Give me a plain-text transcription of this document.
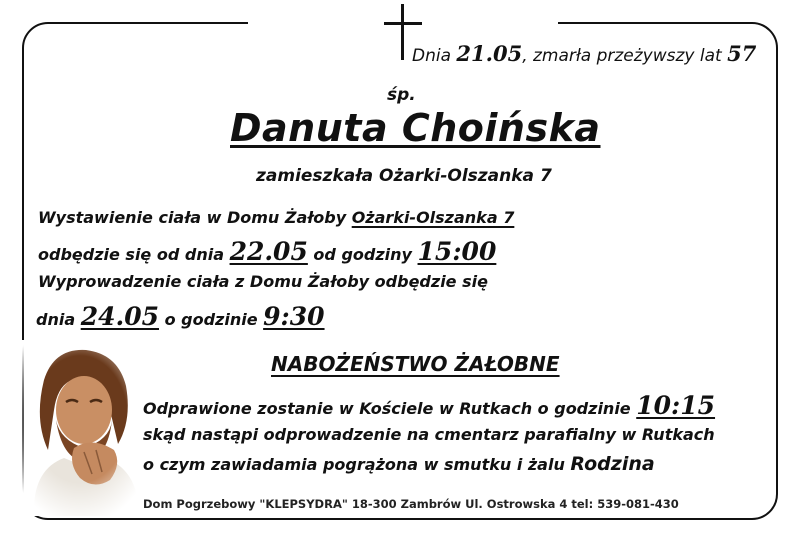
Dnia 21.05, zmarła przeżywszy lat 57
śp.
Danuta Choińska
zamieszkała Ożarki-Olszanka 7
Wystawienie ciała w Domu Żałoby Ożarki-Olszanka 7
odbędzie się od dnia 22.05 od godziny 15:00
Wyprowadzenie ciała z Domu Żałoby odbędzie się
dnia 24.05 o godzinie 9:30
NABOŻEŃSTWO ŻAŁOBNE
Odprawione zostanie w Kościele w Rutkach o godzinie 10:15
skąd nastąpi odprowadzenie na cmentarz parafialny w Rutkach
o czym zawiadamia pogrążona w smutku i żalu Rodzina
Dom Pogrzebowy "KLEPSYDRA" 18-300 Zambrów Ul. Ostrowska 4 tel: 539-081-430
